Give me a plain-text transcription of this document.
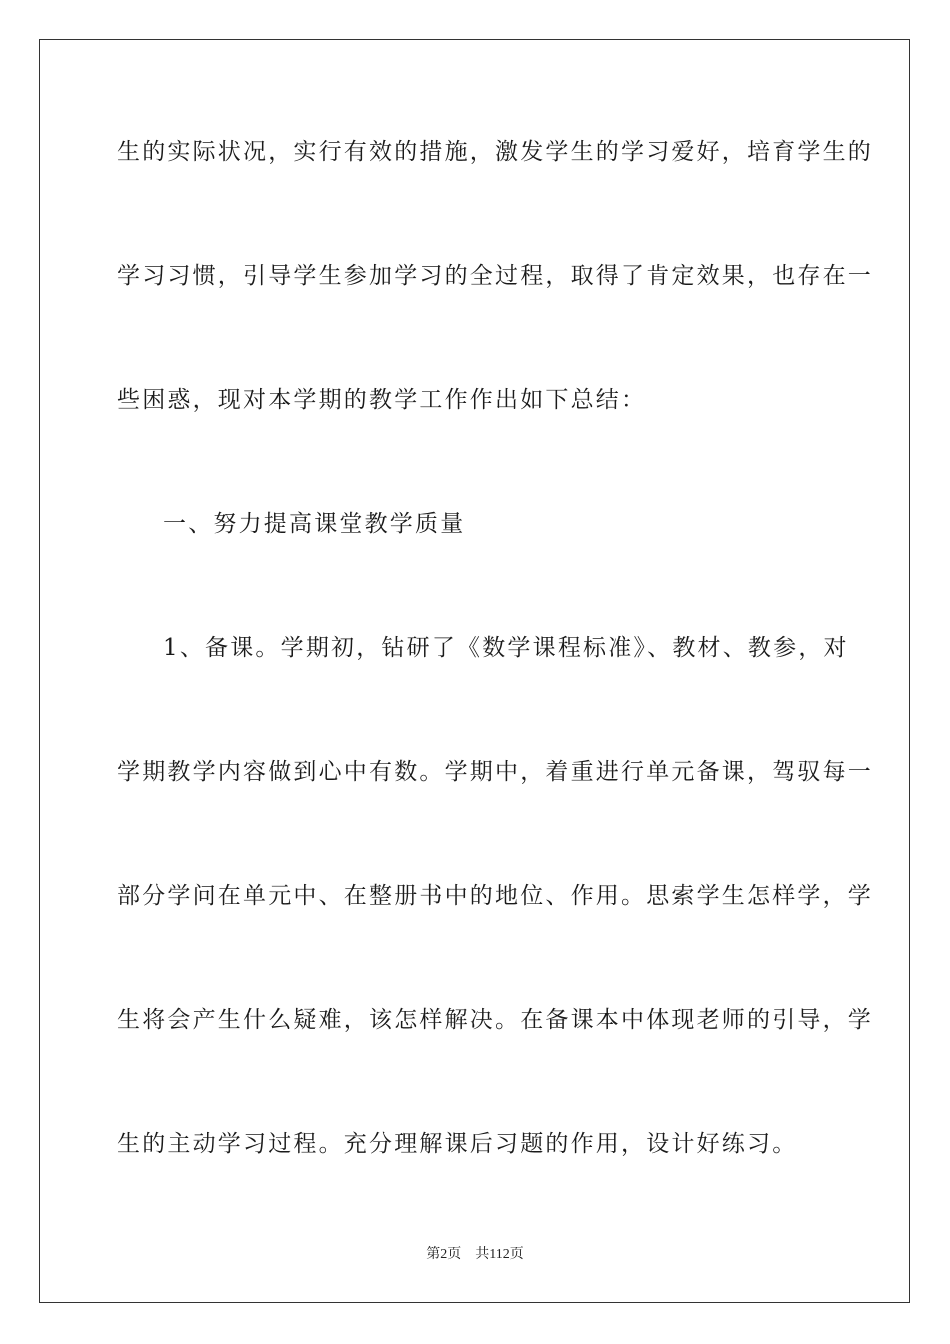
生的实际状况，实行有效的措施，激发学生的学习爱好，培育学生的
学习习惯，引导学生参加学习的全过程，取得了肯定效果，也存在一
些困惑，现对本学期的教学工作作出如下总结：
一、努力提高课堂教学质量
1、备课。学期初，钻研了《数学课程标准》、教材、教参，对
学期教学内容做到心中有数。学期中，着重进行单元备课，驾驭每一
部分学问在单元中、在整册书中的地位、作用。思索学生怎样学，学
生将会产生什么疑难，该怎样解决。在备课本中体现老师的引导，学
生的主动学习过程。充分理解课后习题的作用，设计好练习。
第2页 共112页
